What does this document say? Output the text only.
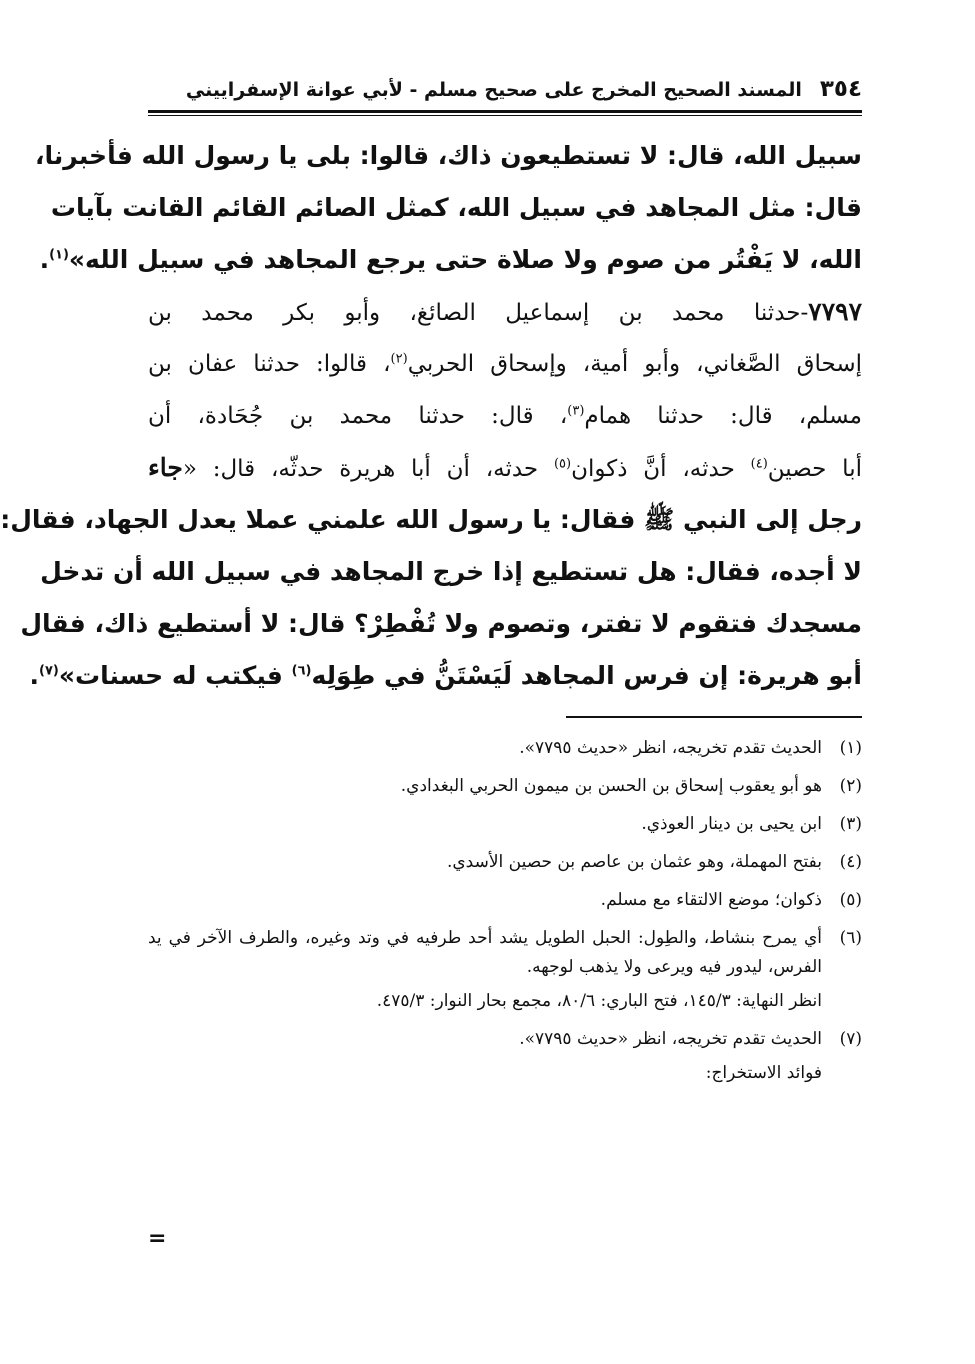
٣٥٤
المسند الصحيح المخرج على صحيح مسلم - لأبي عوانة الإسفراييني
سبيل الله، قال: لا تستطيعون ذاك، قالوا: بلى يا رسول الله فأخبرنا،
قال: مثل المجاهد في سبيل الله، كمثل الصائم القائم القانت بآيات
الله، لا يَفْتُر من صوم ولا صلاة حتى يرجع المجاهد في سبيل الله»$^{(١)}$.
٧٧٩٧-حدثنا محمد بن إسماعيل الصائغ، وأبو بكر محمد بن
إسحاق الصَّغاني، وأبو أمية، وإسحاق الحربي$^{(٢)}$، قالوا: حدثنا عفان بن
مسلم، قال: حدثنا همام$^{(٣)}$، قال: حدثنا محمد بن جُحَادة، أن
أبا حصين$^{(٤)}$ حدثه، أنَّ ذكوان$^{(٥)}$ حدثه، أن أبا هريرة حدثّه، قال: «جاء
رجل إلى النبي ﷺ فقال: يا رسول الله علمني عملا يعدل الجهاد، فقال:
لا أجده، فقال: هل تستطيع إذا خرج المجاهد في سبيل الله أن تدخل
مسجدك فتقوم لا تفتر، وتصوم ولا تُفْطِرْ؟ قال: لا أستطيع ذاك، فقال
أبو هريرة: إن فرس المجاهد لَيَسْتَنُّ في طِوَلِه$^{(٦)}$ فيكتب له حسنات»$^{(٧)}$.
(١)
الحديث تقدم تخريجه، انظر «حديث ٧٧٩٥».
(٢)
هو أبو يعقوب إسحاق بن الحسن بن ميمون الحربي البغدادي.
(٣)
ابن يحيى بن دينار العوذي.
(٤)
بفتح المهملة، وهو عثمان بن عاصم بن حصين الأسدي.
(٥)
ذكوان؛ موضع الالتقاء مع مسلم.
(٦)
أي يمرح بنشاط، والطِول: الحبل الطويل يشد أحد طرفيه في وتد وغيره، والطرف الآخر في يد الفرس، ليدور فيه ويرعى ولا يذهب لوجهه.
انظر النهاية: ١٤٥/٣، فتح الباري: ٨٠/٦، مجمع بحار النوار: ٤٧٥/٣.
(٧)
الحديث تقدم تخريجه، انظر «حديث ٧٧٩٥».
فوائد الاستخراج:
=
